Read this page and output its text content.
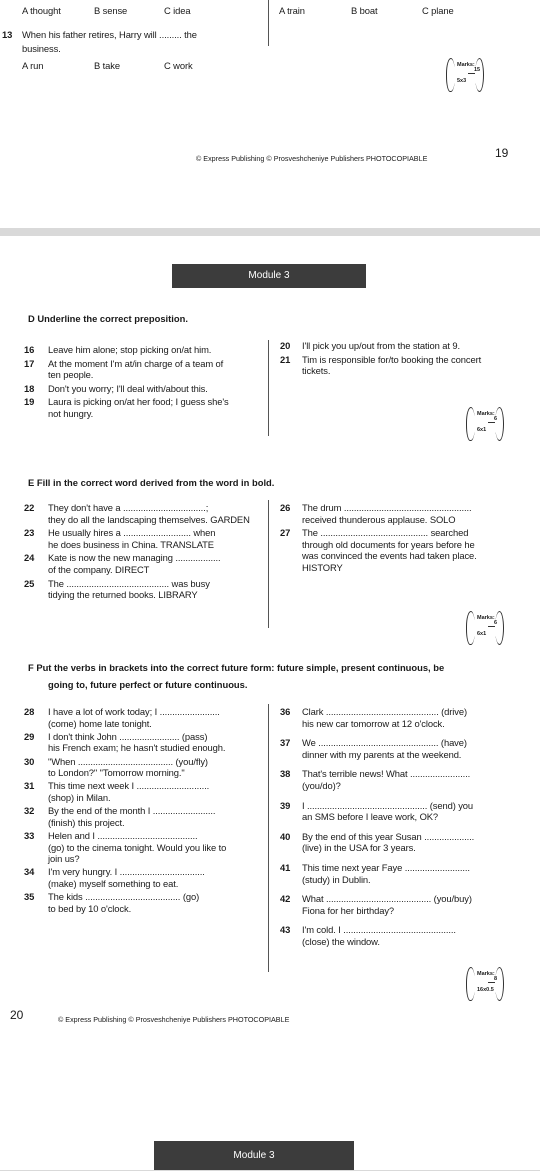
A thought	B sense	C idea	A train	B boat	C plane
13 When his father retires, Harry will ......... the
business.
A run	B take	C work	Marks:
15
5x3
© Express Publishing © Prosveshcheniye Publishers PHOTOCOPIABLE	19
Module 3
D Underline the correct preposition.
16 Leave him alone; stop picking on/at him.
17 At the moment I'm at/in charge of a team of
ten people.
18 Don't you worry; I'll deal with/about this.
19 Laura is picking on/at her food; I guess she's
not hungry.
20 I'll pick you up/out from the station at 9.
21 Tim is responsible for/to booking the concert
tickets.
Marks:
6
6x1
E Fill in the correct word derived from the word in bold.
22 They don't have a .................................;
they do all the landscaping themselves. GARDEN
23 He usually hires a ........................... when
he does business in China. TRANSLATE
24 Kate is now the new managing ..................
of the company. DIRECT
25 The ......................................... was busy
tidying the returned books. LIBRARY
26 The drum ...................................................
received thunderous applause. SOLO
27 The ........................................... searched
through old documents for years before he
was convinced the events had taken place.
HISTORY
Marks:
6
6x1
F Put the verbs in brackets into the correct future form: future simple, present continuous, be
going to, future perfect or future continuous.
28 I have a lot of work today; I ........................
(come) home late tonight.
29 I don't think John ........................ (pass)
his French exam; he hasn't studied enough.
30 "When ...................................... (you/fly)
to London?" "Tomorrow morning."
31 This time next week I .............................
(shop) in Milan.
32 By the end of the month I .........................
(finish) this project.
33 Helen and I ........................................
(go) to the cinema tonight. Would you like to
join us?
34 I'm very hungry. I ..................................
(make) myself something to eat.
35 The kids ...................................... (go)
to bed by 10 o'clock.
36 Clark ............................................. (drive)
his new car tomorrow at 12 o'clock.
37 We ................................................ (have)
dinner with my parents at the weekend.
38 That's terrible news! What ........................
(you/do)?
39 I ................................................ (send) you
an SMS before I leave work, OK?
40 By the end of this year Susan ....................
(live) in the USA for 3 years.
41 This time next year Faye ..........................
(study) in Dublin.
42 What .......................................... (you/buy)
Fiona for her birthday?
43 I'm cold. I .............................................
(close) the window.
Marks:
8
16x0.5
20	© Express Publishing © Prosveshcheniye Publishers PHOTOCOPIABLE
Module 3
